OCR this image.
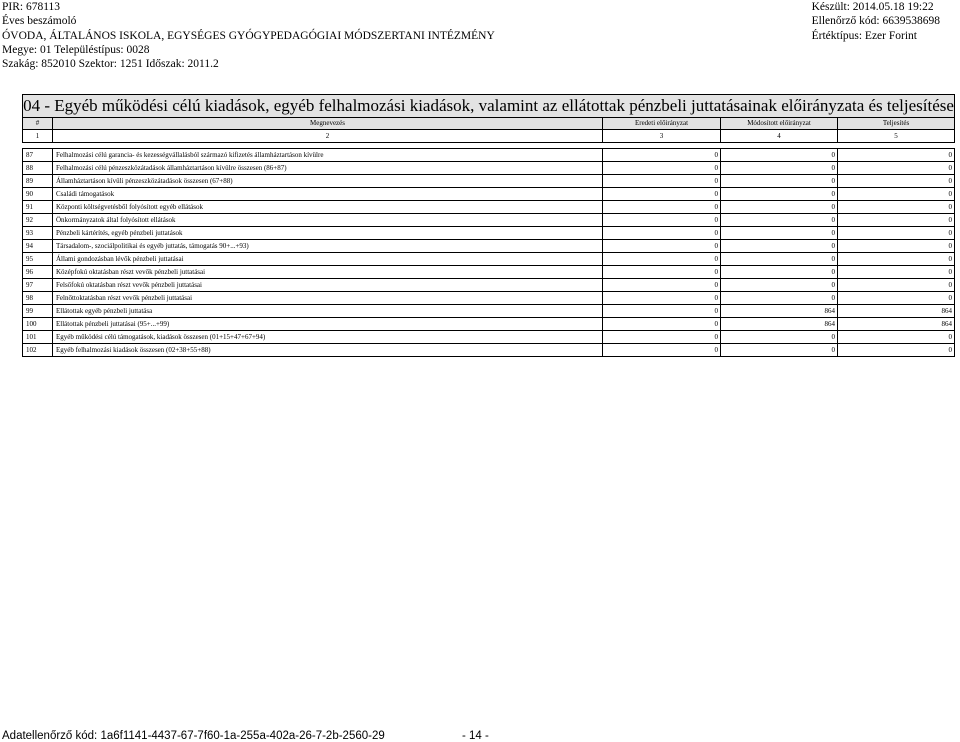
PIR: 678113
Éves beszámoló
ÓVODA, ÁLTALÁNOS ISKOLA, EGYSÉGES GYÓGYPEDAGÓGIAI MÓDSZERTANI INTÉZMÉNY
Megye: 01 Településtípus: 0028
Szakág: 852010 Szektor: 1251 Időszak: 2011.2
Készült: 2014.05.18 19:22
Ellenőrző kód: 6639538698
Értéktípus: Ezer Forint
04 - Egyéb működési célú kiadások, egyéb felhalmozási kiadások, valamint az ellátottak pénzbeli juttatásainak előirányzata és teljesítése				
#	Megnevezés	Eredeti előirányzat	Módosított előirányzat	Teljesítés
1	2	3	4	5

87	Felhalmozási célú garancia- és kezességvállalásból származó kifizetés államháztartáson kívülre	0	0	0
88	Felhalmozási célú pénzeszközátadások államháztartáson kívülre összesen (86+87)	0	0	0
89	Államháztartáson kívüli pénzeszközátadások összesen (67+88)	0	0	0
90	Családi támogatások	0	0	0
91	Központi költségvetésből folyósított egyéb ellátások	0	0	0
92	Önkormányzatok által folyósított ellátások	0	0	0
93	Pénzbeli kártérítés, egyéb pénzbeli juttatások	0	0	0
94	Társadalom-, szociálpolitikai és egyéb juttatás, támogatás 90+...+93)	0	0	0
95	Állami gondozásban lévők pénzbeli juttatásai	0	0	0
96	Középfokú oktatásban részt vevők pénzbeli juttatásai	0	0	0
97	Felsőfokú oktatásban részt vevők pénzbeli juttatásai	0	0	0
98	Felnőttoktatásban részt vevők pénzbeli juttatásai	0	0	0
99	Ellátottak egyéb pénzbeli juttatása	0	864	864
100	Ellátottak pénzbeli juttatásai (95+...+99)	0	864	864
101	Egyéb működési célú támogatások, kiadások összesen (01+15+47+67+94)	0	0	0
102	Egyéb felhalmozási kiadások összesen (02+38+55+88)	0	0	0
Adatellenőrző kód: 1a6f1141-4437-67-7f60-1a-255a-402a-26-7-2b-2560-29	- 14 -
